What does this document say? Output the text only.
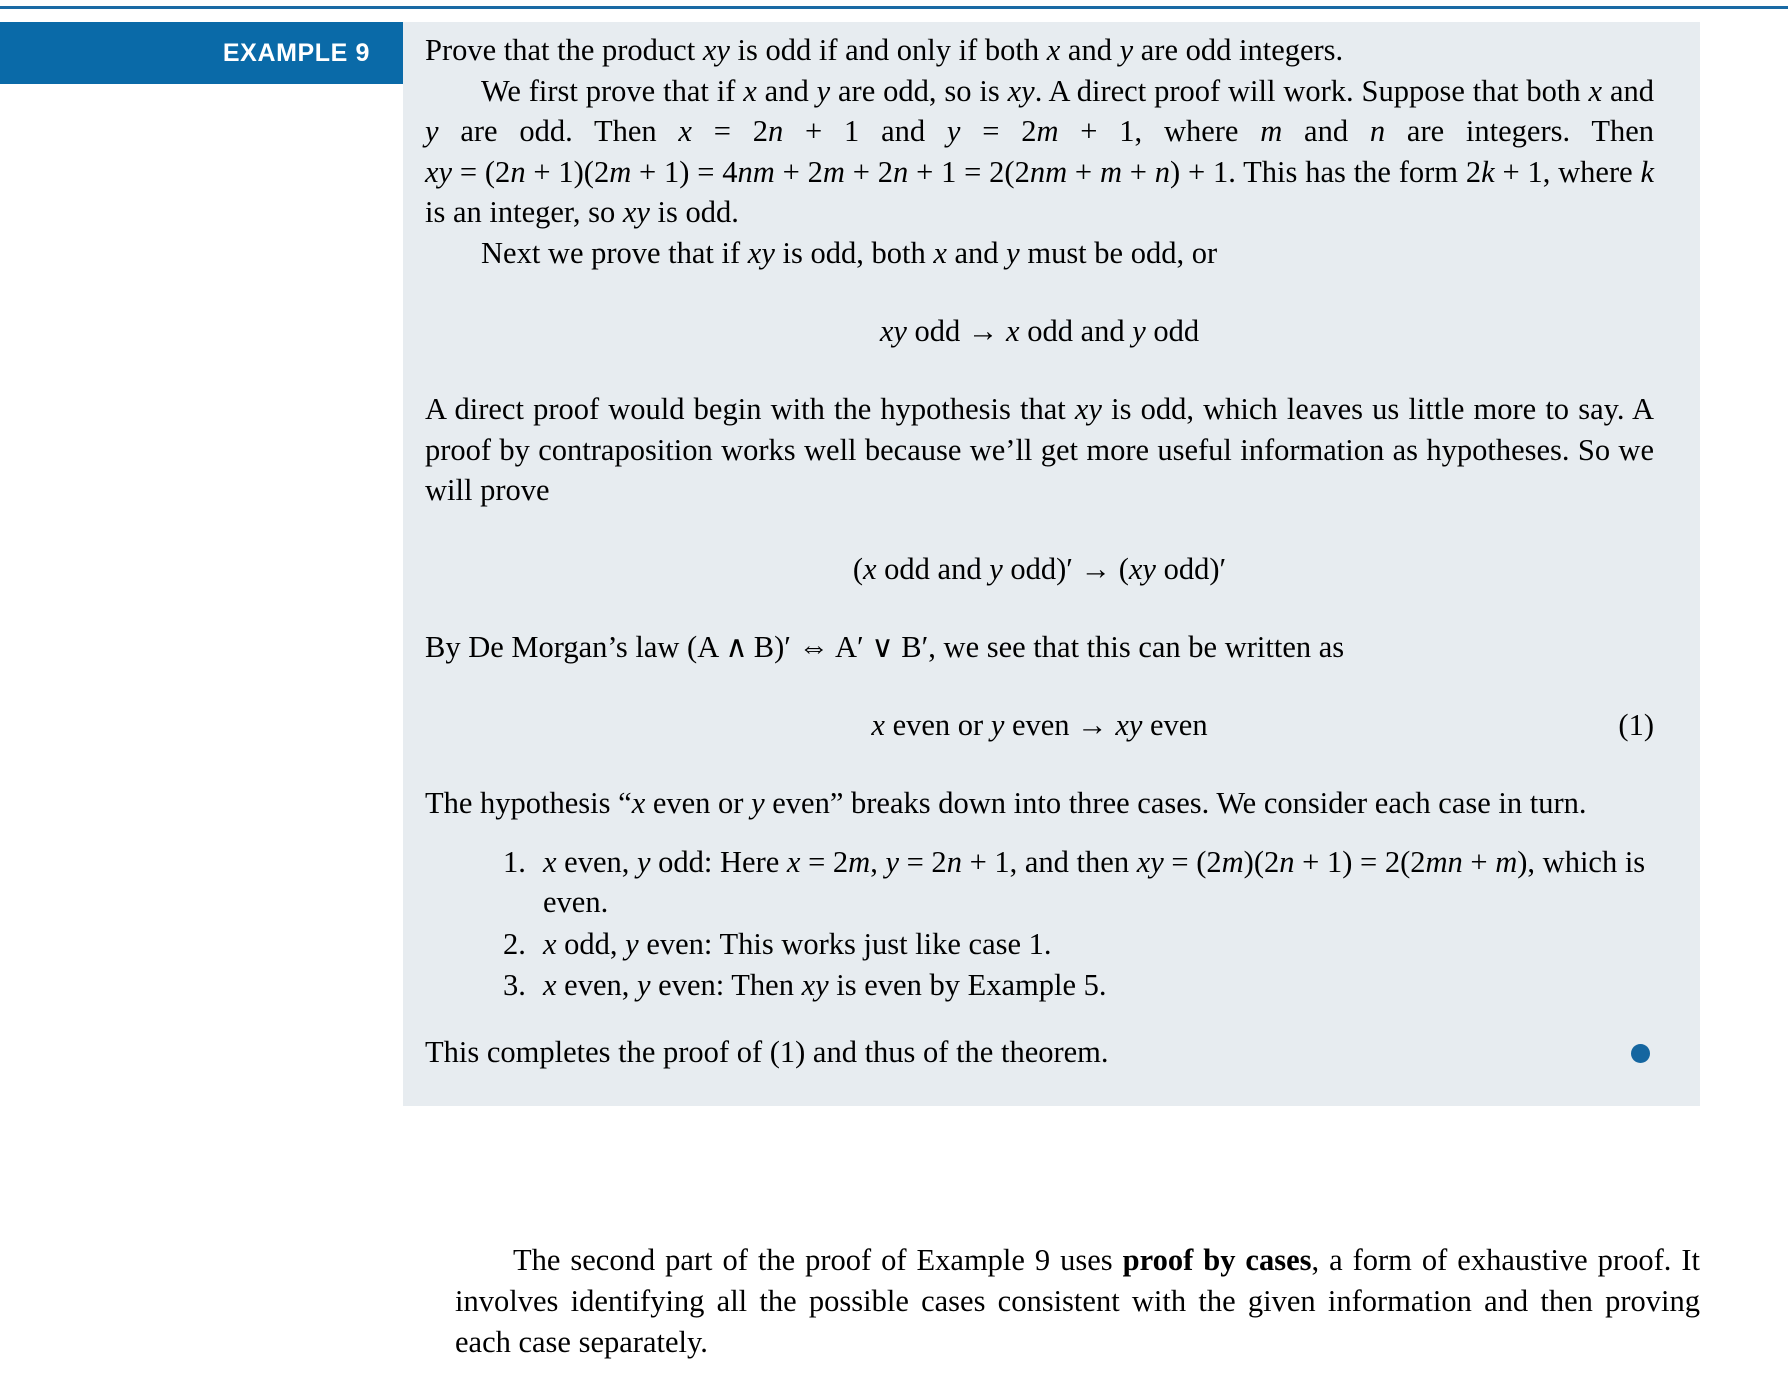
EXAMPLE 9 Prove that the product xy is odd if and only if both x and y are odd integers.

We first prove that if x and y are odd, so is xy. A direct proof will work. Suppose that both x and y are odd. Then x = 2n + 1 and y = 2m + 1, where m and n are integers. Then xy = (2n + 1)(2m + 1) = 4nm + 2m + 2n + 1 = 2(2nm + m + n) + 1. This has the form 2k + 1, where k is an integer, so xy is odd.

Next we prove that if xy is odd, both x and y must be odd, or

xy odd → x odd and y odd

A direct proof would begin with the hypothesis that xy is odd, which leaves us little more to say. A proof by contraposition works well because we’ll get more useful information as hypotheses. So we will prove

(x odd and y odd)′ → (xy odd)′

By De Morgan’s law (A ∧ B)′ ⇔ A′ ∨ B′, we see that this can be written as

x even or y even → xy even	(1)

The hypothesis “x even or y even” breaks down into three cases. We consider each case in turn.

1. x even, y odd: Here x = 2m, y = 2n + 1, and then xy = (2m)(2n + 1) = 2(2mn + m), which is even.
2. x odd, y even: This works just like case 1.
3. x even, y even: Then xy is even by Example 5.
This completes the proof of (1) and thus of the theorem.

The second part of the proof of Example 9 uses proof by cases, a form of exhaustive proof. It involves identifying all the possible cases consistent with the given information and then proving each case separately.
